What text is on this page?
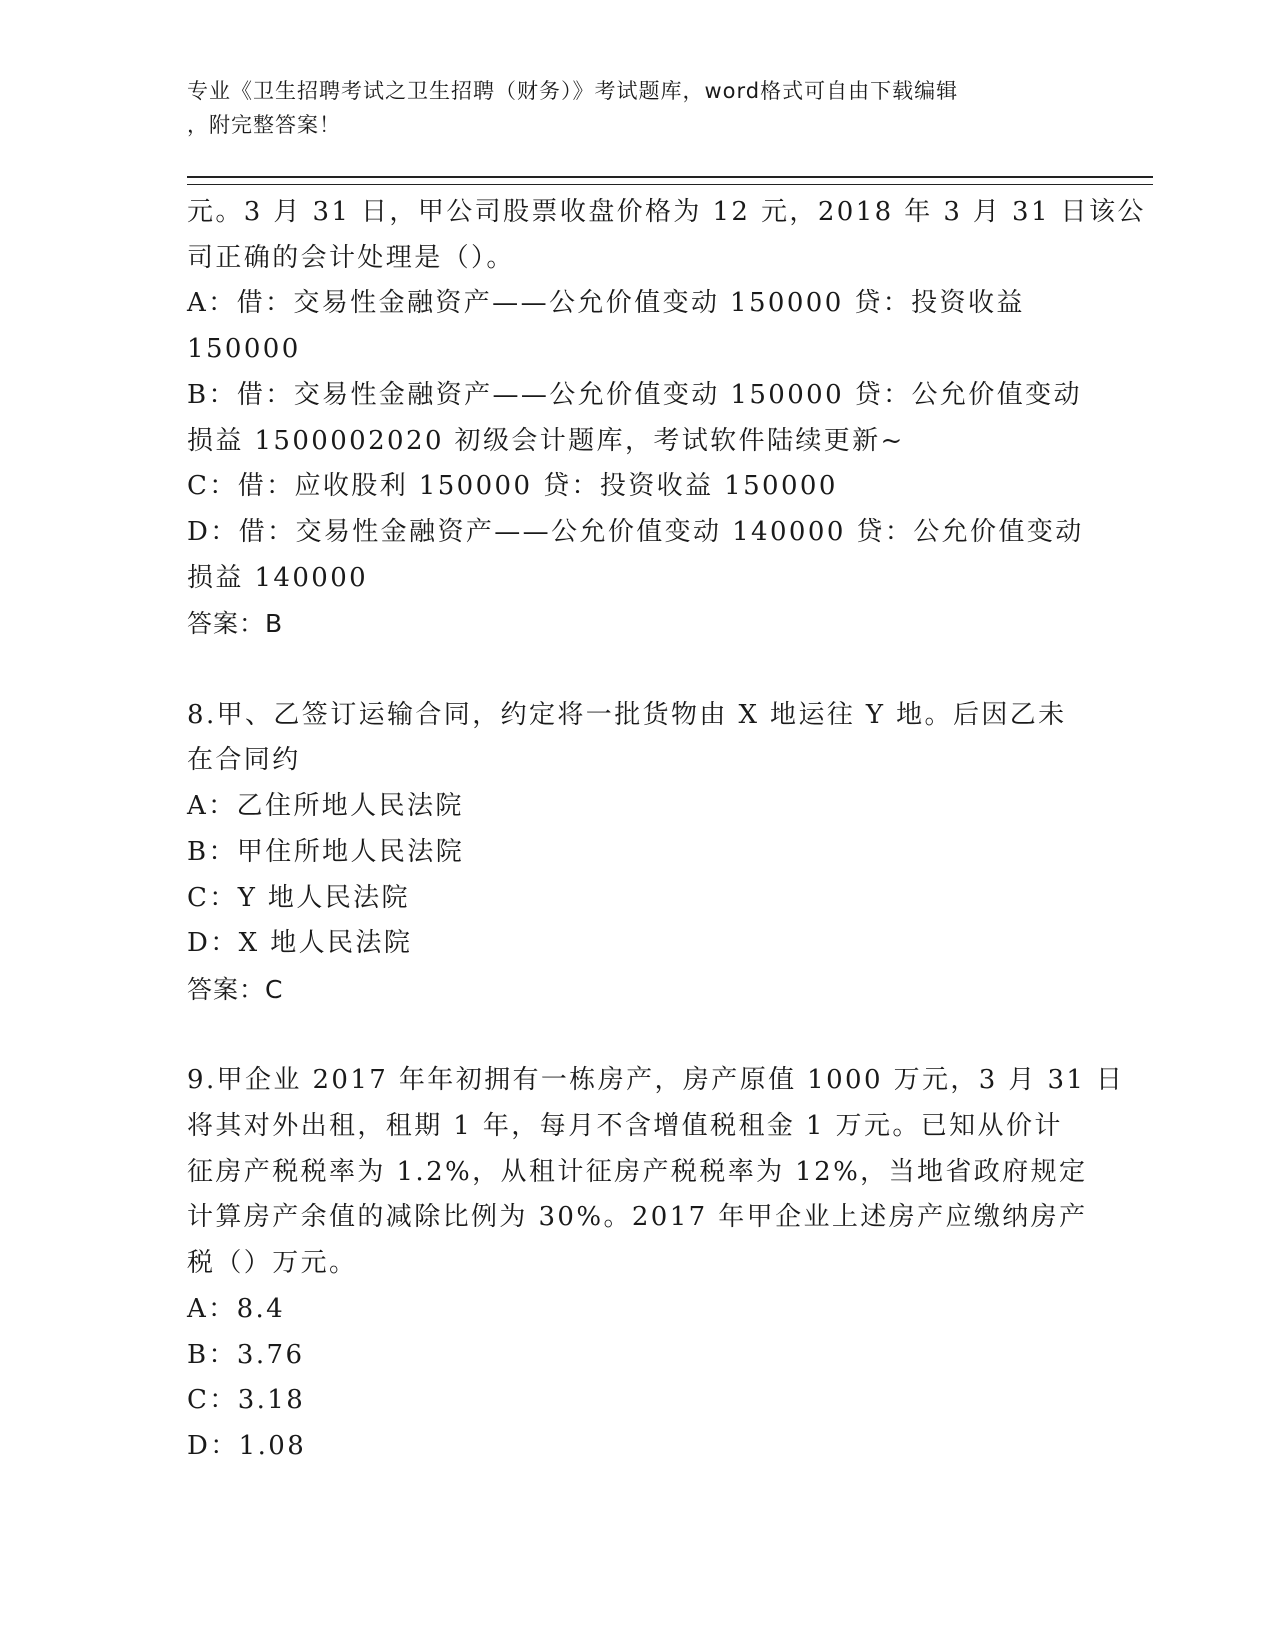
专业《卫生招聘考试之卫生招聘（财务）》考试题库，word格式可自由下载编辑
，附完整答案！
元。3 月 31 日，甲公司股票收盘价格为 12 元，2018 年 3 月 31 日该公
司正确的会计处理是（）。
A：借：交易性金融资产——公允价值变动 150000 贷：投资收益
150000
B：借：交易性金融资产——公允价值变动 150000 贷：公允价值变动
损益 1500002020 初级会计题库，考试软件陆续更新~
C：借：应收股利 150000 贷：投资收益 150000
D：借：交易性金融资产——公允价值变动 140000 贷：公允价值变动
损益 140000
答案：B
8.甲、乙签订运输合同，约定将一批货物由 X 地运往 Y 地。后因乙未
在合同约
A：乙住所地人民法院
B：甲住所地人民法院
C：Y 地人民法院
D：X 地人民法院
答案：C
9.甲企业 2017 年年初拥有一栋房产，房产原值 1000 万元，3 月 31 日
将其对外出租，租期 1 年，每月不含增值税租金 1 万元。已知从价计
征房产税税率为 1.2%，从租计征房产税税率为 12%，当地省政府规定
计算房产余值的减除比例为 30%。2017 年甲企业上述房产应缴纳房产
税（）万元。
A：8.4
B：3.76
C：3.18
D：1.08
